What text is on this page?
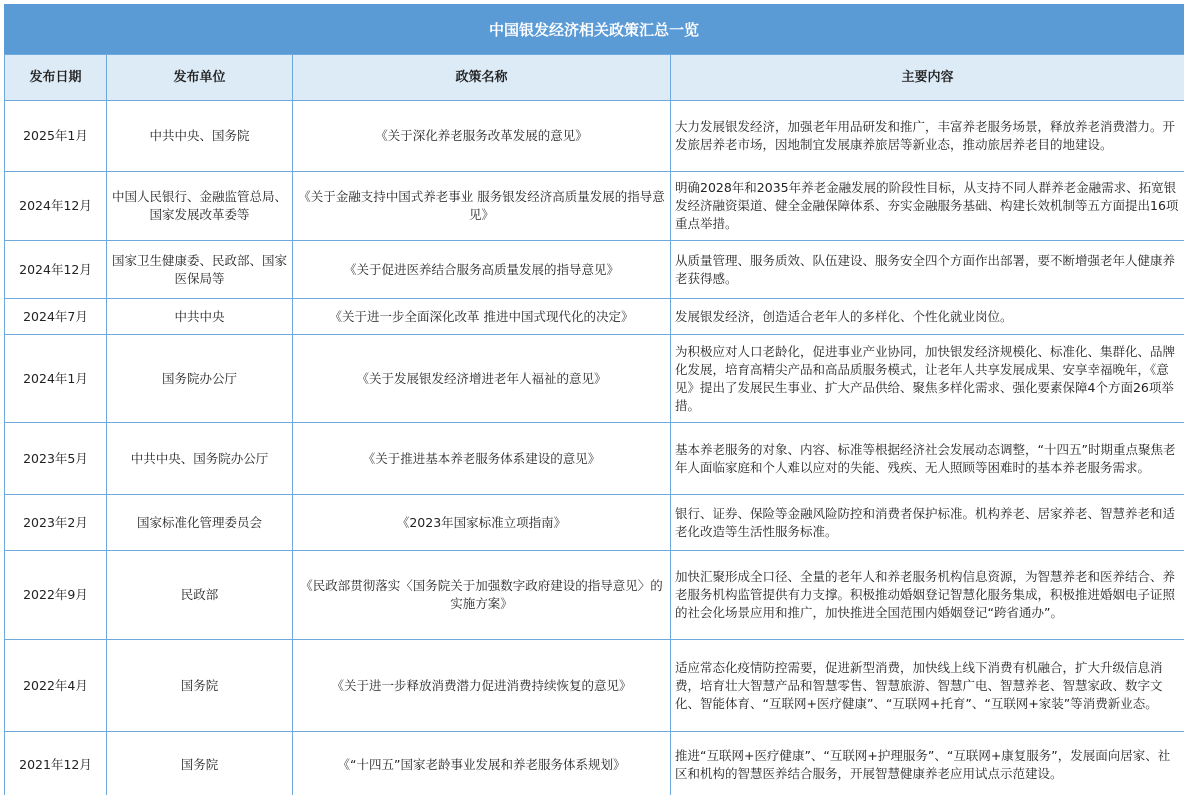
中国银发经济相关政策汇总一览
发布日期	发布单位	政策名称	主要内容
2025年1月	中共中央、国务院	《关于深化养老服务改革发展的意见》	大力发展银发经济，加强老年用品研发和推广，丰富养老服务场景，释放养老消费潜力。开发旅居养老市场，因地制宜发展康养旅居等新业态，推动旅居养老目的地建设。
2024年12月	中国人民银行、金融监管总局、国家发展改革委等	《关于金融支持中国式养老事业 服务银发经济高质量发展的指导意见》	明确2028年和2035年养老金融发展的阶段性目标，从支持不同人群养老金融需求、拓宽银发经济融资渠道、健全金融保障体系、夯实金融服务基础、构建长效机制等五方面提出16项重点举措。
2024年12月	国家卫生健康委、民政部、国家医保局等	《关于促进医养结合服务高质量发展的指导意见》	从质量管理、服务质效、队伍建设、服务安全四个方面作出部署，要不断增强老年人健康养老获得感。
2024年7月	中共中央	《关于进一步全面深化改革 推进中国式现代化的决定》	发展银发经济，创造适合老年人的多样化、个性化就业岗位。
2024年1月	国务院办公厅	《关于发展银发经济增进老年人福祉的意见》	为积极应对人口老龄化，促进事业产业协同，加快银发经济规模化、标准化、集群化、品牌化发展，培育高精尖产品和高品质服务模式，让老年人共享发展成果、安享幸福晚年，《意见》提出了发展民生事业、扩大产品供给、聚焦多样化需求、强化要素保障4个方面26项举措。
2023年5月	中共中央、国务院办公厅	《关于推进基本养老服务体系建设的意见》	基本养老服务的对象、内容、标准等根据经济社会发展动态调整，“十四五”时期重点聚焦老年人面临家庭和个人难以应对的失能、残疾、无人照顾等困难时的基本养老服务需求。
2023年2月	国家标准化管理委员会	《2023年国家标准立项指南》	银行、证券、保险等金融风险防控和消费者保护标准。机构养老、居家养老、智慧养老和适老化改造等生活性服务标准。
2022年9月	民政部	《民政部贯彻落实〈国务院关于加强数字政府建设的指导意见〉的实施方案》	加快汇聚形成全口径、全量的老年人和养老服务机构信息资源，为智慧养老和医养结合、养老服务机构监管提供有力支撑。积极推动婚姻登记智慧化服务集成，积极推进婚姻电子证照的社会化场景应用和推广，加快推进全国范围内婚姻登记“跨省通办”。
2022年4月	国务院	《关于进一步释放消费潜力促进消费持续恢复的意见》	适应常态化疫情防控需要，促进新型消费，加快线上线下消费有机融合，扩大升级信息消费，培育壮大智慧产品和智慧零售、智慧旅游、智慧广电、智慧养老、智慧家政、数字文化、智能体育、“互联网+医疗健康”、“互联网+托育”、“互联网+家装”等消费新业态。
2021年12月	国务院	《“十四五”国家老龄事业发展和养老服务体系规划》	推进“互联网+医疗健康”、“互联网+护理服务”、“互联网+康复服务”，发展面向居家、社区和机构的智慧医养结合服务，开展智慧健康养老应用试点示范建设。
